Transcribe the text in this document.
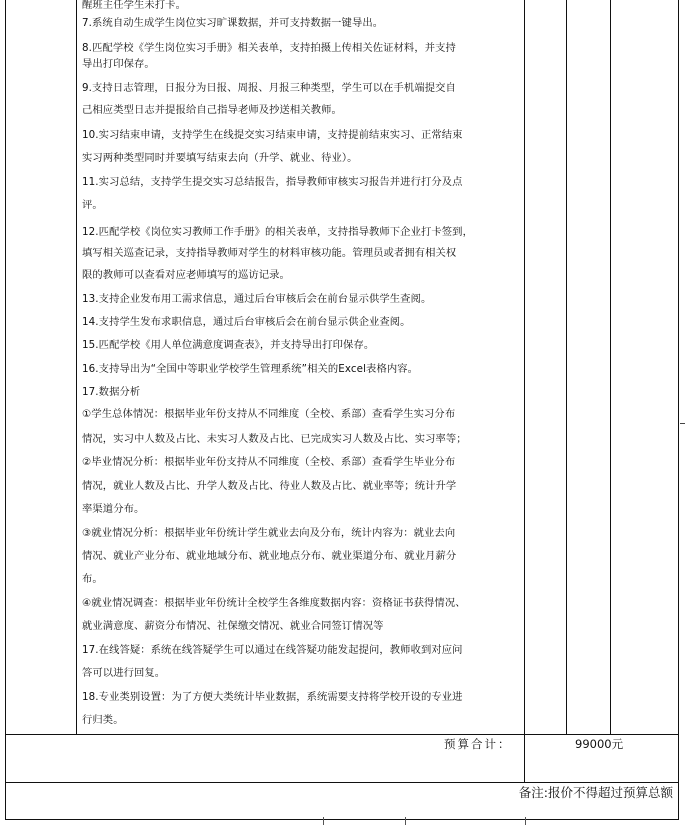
醒班主任学生未打卡。
7.系统自动生成学生岗位实习旷课数据，并可支持数据一键导出。
8.匹配学校《学生岗位实习手册》相关表单，支持拍摄上传相关佐证材料，并支持
导出打印保存。
9.支持日志管理，日报分为日报、周报、月报三种类型，学生可以在手机端提交自
己相应类型日志并提报给自己指导老师及抄送相关教师。
10.实习结束申请，支持学生在线提交实习结束申请，支持提前结束实习、正常结束
实习两种类型同时并要填写结束去向（升学、就业、待业）。
11.实习总结，支持学生提交实习总结报告，指导教师审核实习报告并进行打分及点
评。
12.匹配学校《岗位实习教师工作手册》的相关表单，支持指导教师下企业打卡签到，
填写相关巡查记录，支持指导教师对学生的材料审核功能。管理员或者拥有相关权
限的教师可以查看对应老师填写的巡访记录。
13.支持企业发布用工需求信息，通过后台审核后会在前台显示供学生查阅。
14.支持学生发布求职信息，通过后台审核后会在前台显示供企业查阅。
15.匹配学校《用人单位满意度调查表》，并支持导出打印保存。
16.支持导出为“全国中等职业学校学生管理系统”相关的Excel表格内容。
17.数据分析
①学生总体情况：根据毕业年份支持从不同维度（全校、系部）查看学生实习分布
情况，实习中人数及占比、未实习人数及占比、已完成实习人数及占比、实习率等；
②毕业情况分析：根据毕业年份支持从不同维度（全校、系部）查看学生毕业分布
情况，就业人数及占比、升学人数及占比、待业人数及占比、就业率等；统计升学
率渠道分布。
③就业情况分析：根据毕业年份统计学生就业去向及分布，统计内容为：就业去向
情况、就业产业分布、就业地域分布、就业地点分布、就业渠道分布、就业月薪分
布。
④就业情况调查：根据毕业年份统计全校学生各维度数据内容：资格证书获得情况、
就业满意度、薪资分布情况、社保缴交情况、就业合同签订情况等
17.在线答疑：系统在线答疑学生可以通过在线答疑功能发起提问，教师收到对应问
答可以进行回复。
18.专业类别设置：为了方便大类统计毕业数据，系统需要支持将学校开设的专业进
行归类。
预算合计：	99000元
备注:报价不得超过预算总额
